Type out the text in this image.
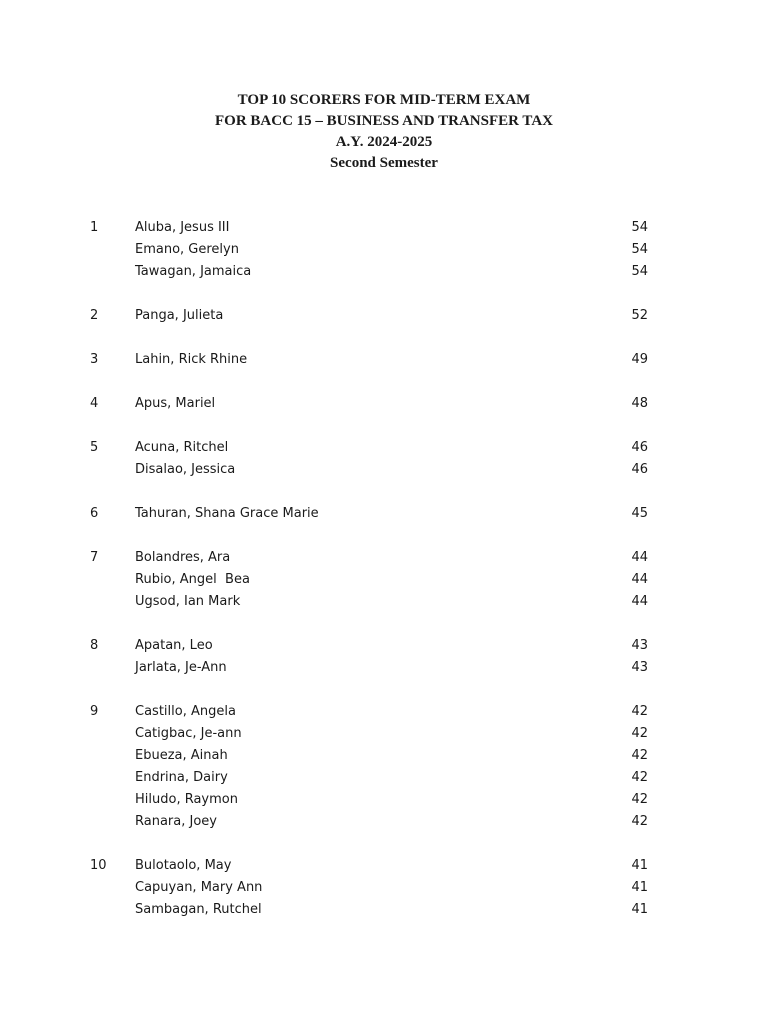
TOP 10 SCORERS FOR MID-TERM EXAM
FOR BACC 15 – BUSINESS AND TRANSFER TAX
A.Y. 2024-2025
Second Semester
1	Aluba, Jesus III	54
Emano, Gerelyn	54
Tawagan, Jamaica	54
2	Panga, Julieta	52
3	Lahin, Rick Rhine	49
4	Apus, Mariel	48
5	Acuna, Ritchel	46
Disalao, Jessica	46
6	Tahuran, Shana Grace Marie	45
7	Bolandres, Ara	44
Rubio, Angel  Bea	44
Ugsod, Ian Mark	44
8	Apatan, Leo	43
Jarlata, Je-Ann	43
9	Castillo, Angela	42
Catigbac, Je-ann	42
Ebueza, Ainah	42
Endrina, Dairy	42
Hiludo, Raymon	42
Ranara, Joey	42
10 Bulotaolo, May	41
Capuyan, Mary Ann	41
Sambagan, Rutchel	41
